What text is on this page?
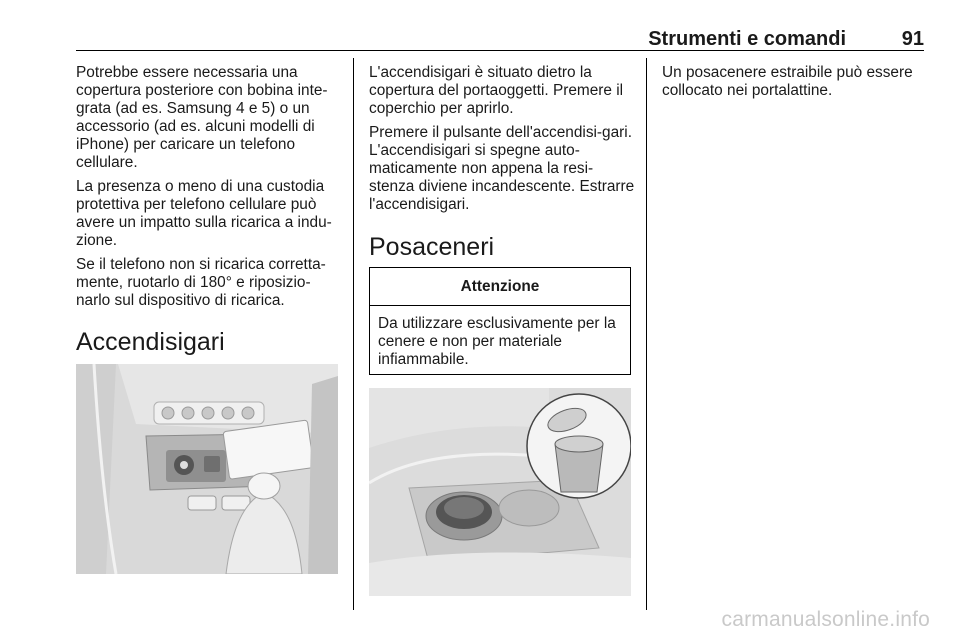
Strumenti e comandi	91

Potrebbe essere necessaria una copertura posteriore con bobina inte-grata (ad es. Samsung 4 e 5) o un accessorio (ad es. alcuni modelli di iPhone) per caricare un telefono cellulare.

La presenza o meno di una custodia protettiva per telefono cellulare può avere un impatto sulla ricarica a indu-zione.

Se il telefono non si ricarica corretta-mente, ruotarlo di 180° e riposizio-narlo sul dispositivo di ricarica.

Accendisigari

L'accendisigari è situato dietro la copertura del portaoggetti. Premere il coperchio per aprirlo.

Premere il pulsante dell'accendisi-gari. L'accendisigari si spegne auto-maticamente non appena la resi-stenza diviene incandescente. Estrarre l'accendisigari.

Posaceneri
Attenzione
Da utilizzare esclusivamente per la cenere e non per materiale infiammabile.

Un posacenere estraibile può essere collocato nei portalattine.

carmanualsonline.info
